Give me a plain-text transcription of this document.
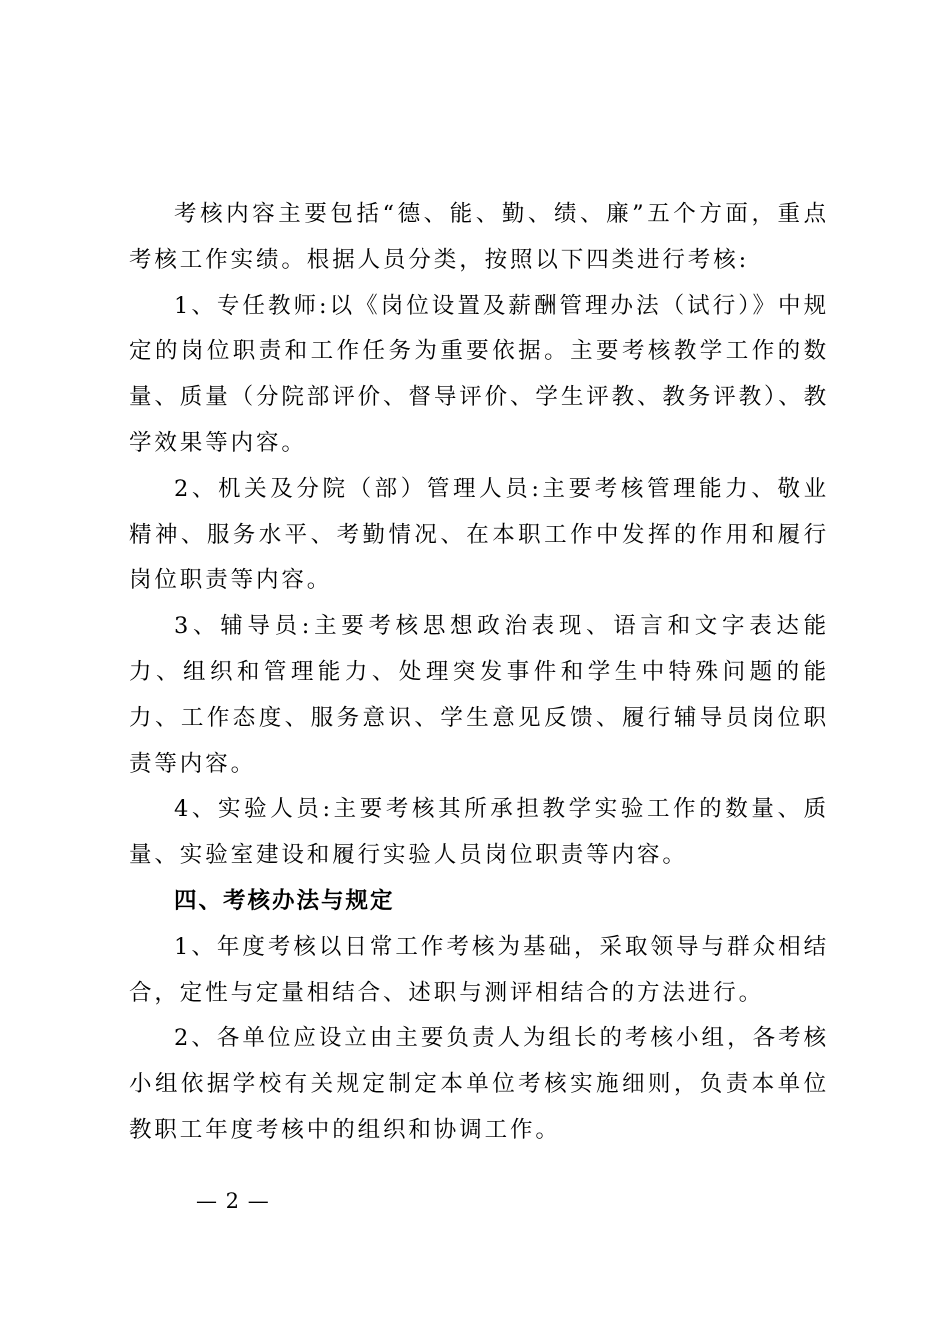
考核内容主要包括“德、能、勤、绩、廉”五个方面，重点考核工作实绩。根据人员分类，按照以下四类进行考核:

1、专任教师:以《岗位设置及薪酬管理办法（试行）》中规定的岗位职责和工作任务为重要依据。主要考核教学工作的数量、质量（分院部评价、督导评价、学生评教、教务评教）、教学效果等内容。

2、机关及分院（部）管理人员:主要考核管理能力、敬业精神、服务水平、考勤情况、在本职工作中发挥的作用和履行岗位职责等内容。

3、辅导员:主要考核思想政治表现、语言和文字表达能力、组织和管理能力、处理突发事件和学生中特殊问题的能力、工作态度、服务意识、学生意见反馈、履行辅导员岗位职责等内容。

4、实验人员:主要考核其所承担教学实验工作的数量、质量、实验室建设和履行实验人员岗位职责等内容。

四、考核办法与规定

1、年度考核以日常工作考核为基础，采取领导与群众相结合，定性与定量相结合、述职与测评相结合的方法进行。

2、各单位应设立由主要负责人为组长的考核小组，各考核小组依据学校有关规定制定本单位考核实施细则，负责本单位教职工年度考核中的组织和协调工作。

— 2 —
